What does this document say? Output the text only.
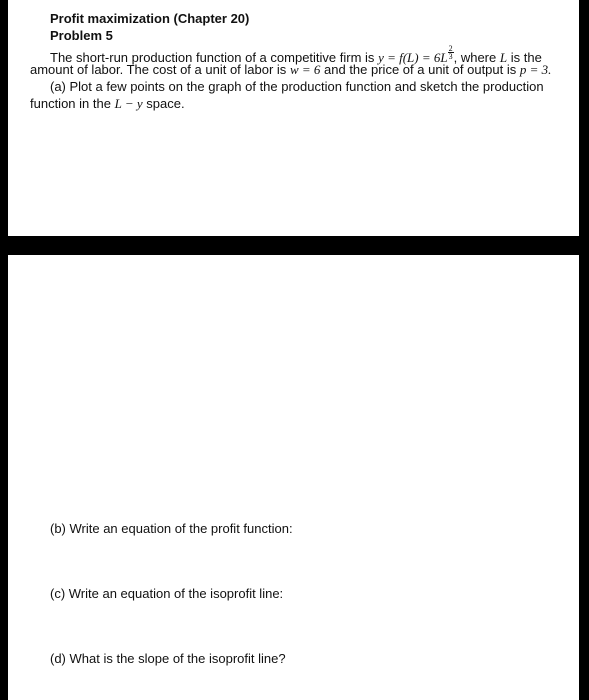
Profit maximization (Chapter 20)
Problem 5
The short-run production function of a competitive firm is $y = f(L) = 6L \frac{2}{3}$ , where L is the
amount of labor. The cost of a unit of labor is w = 6 and the price of a unit of output is p = 3.
(a) Plot a few points on the graph of the production function and sketch the production
function in the L − y space.
(b) Write an equation of the profit function:
(c) Write an equation of the isoprofit line:
(d) What is the slope of the isoprofit line?
